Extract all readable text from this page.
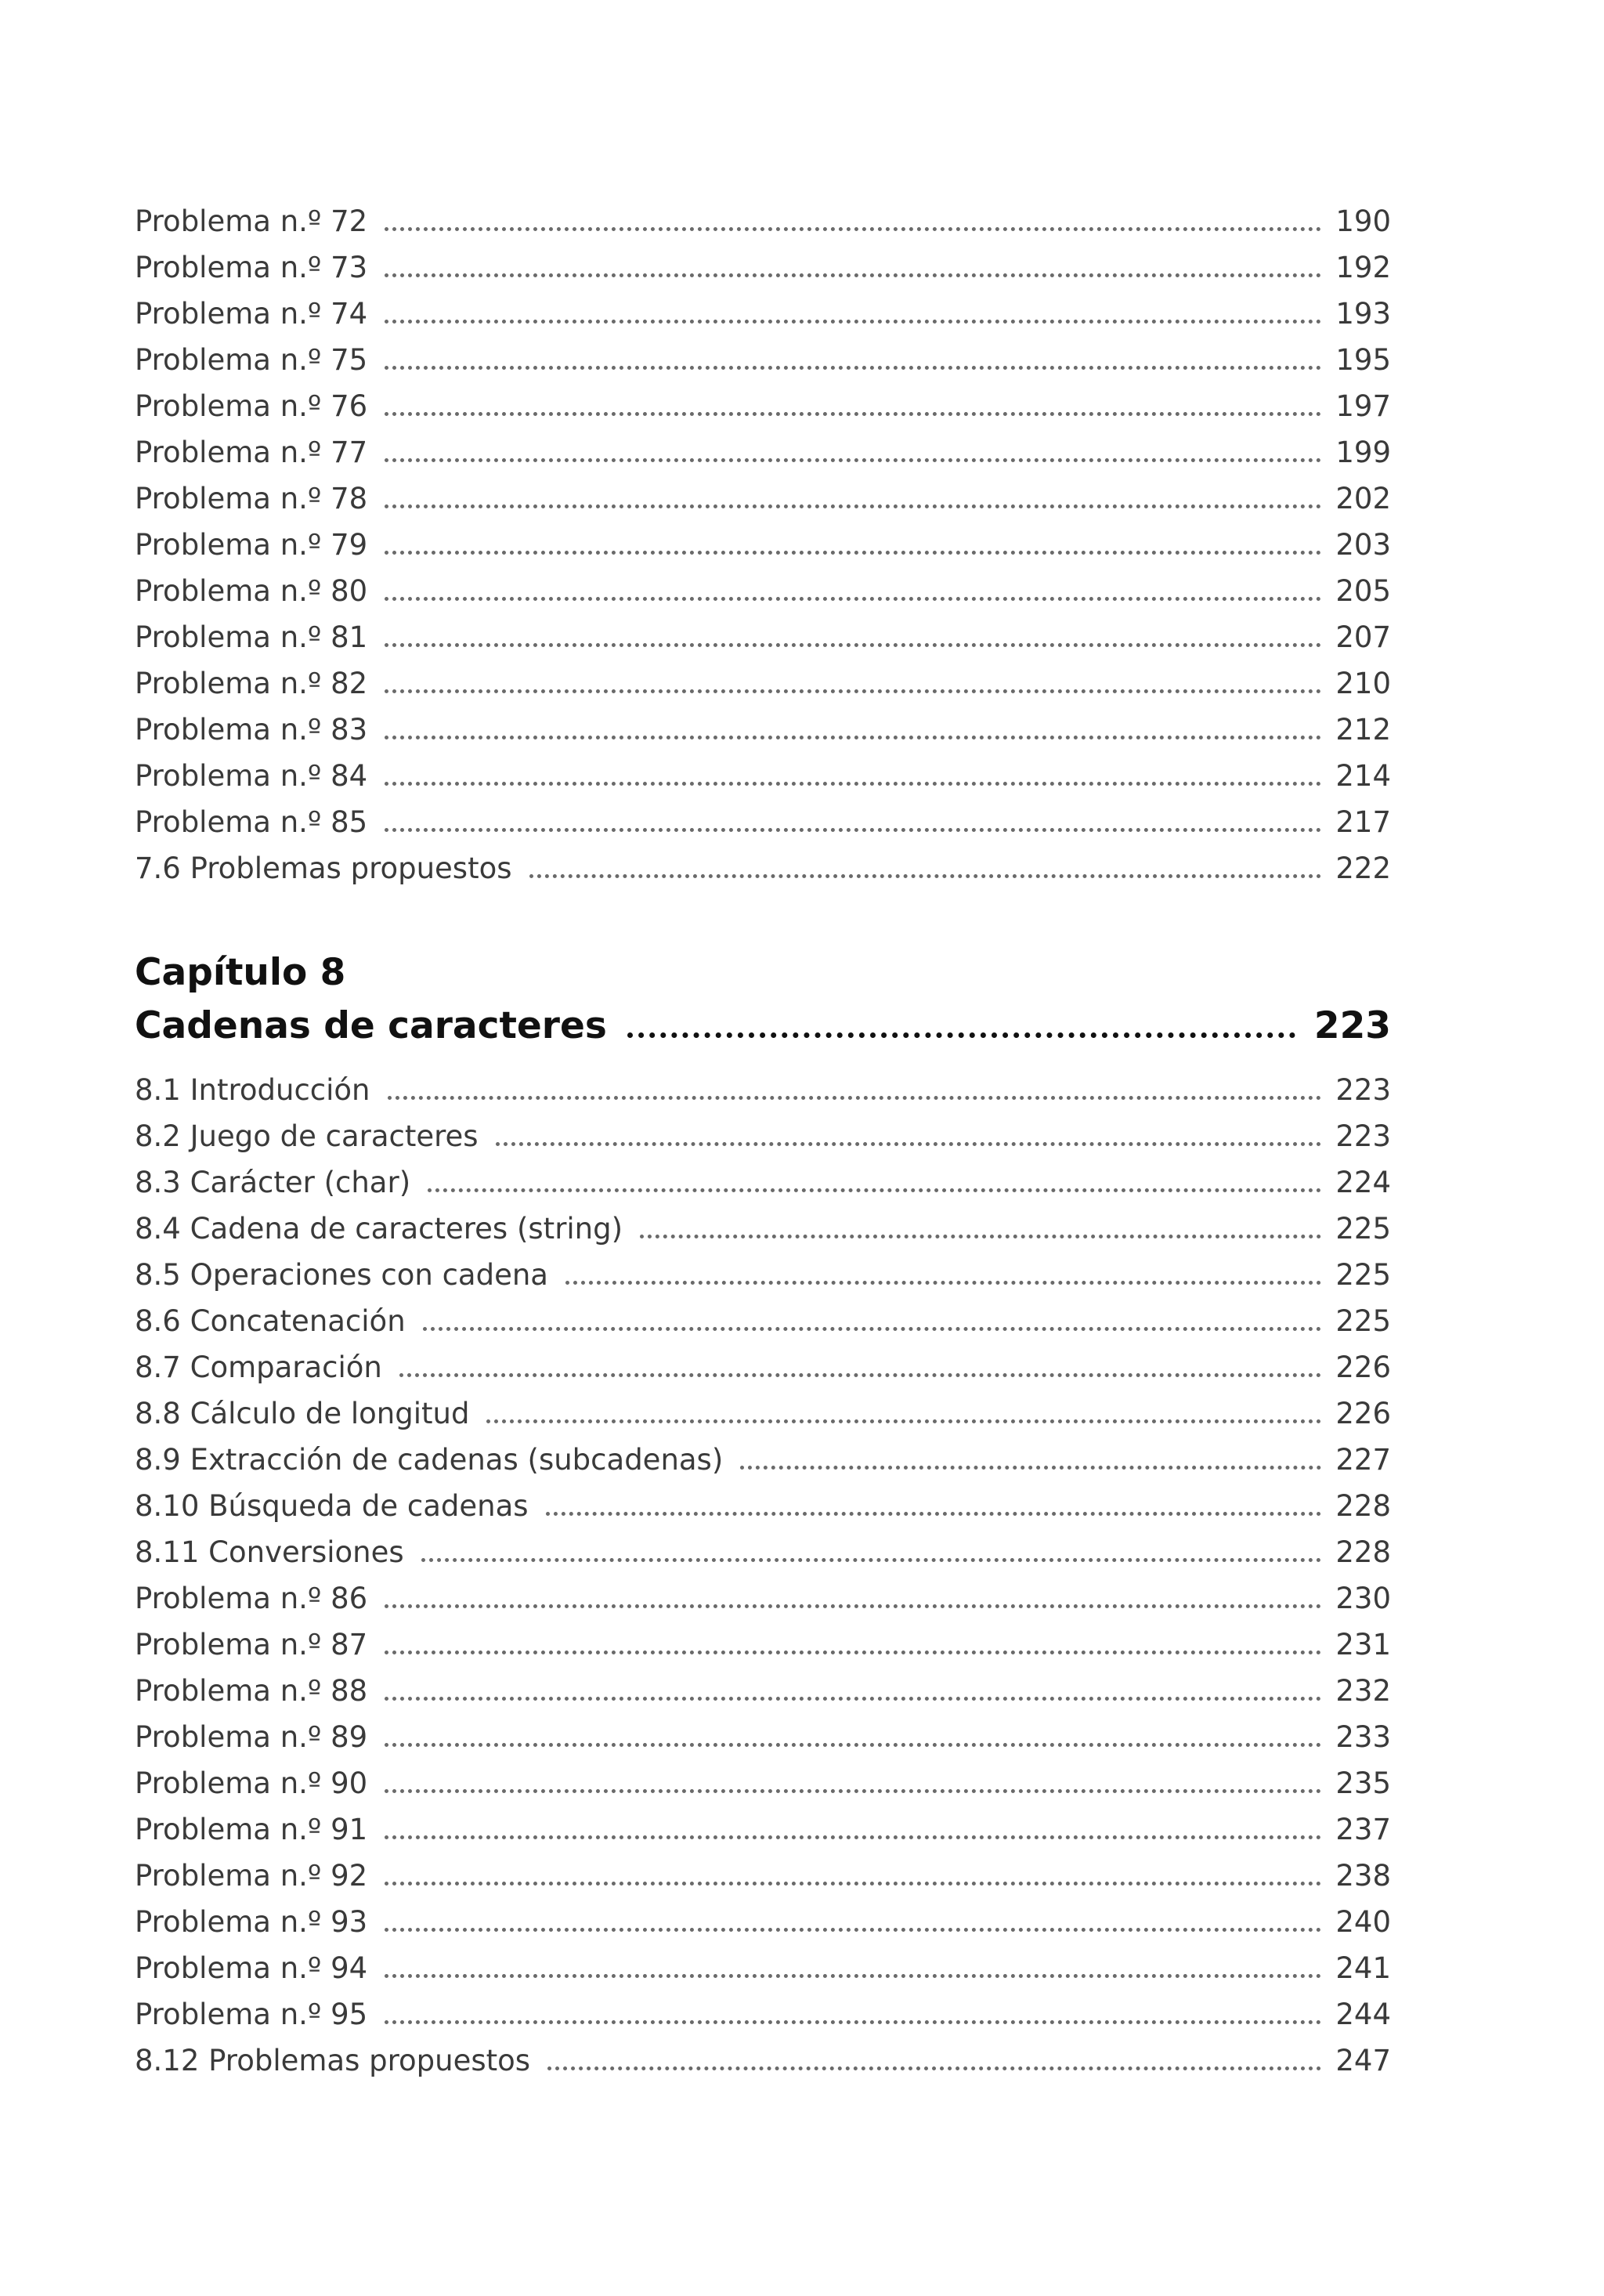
Problema n.º 72	190
Problema n.º 73	192
Problema n.º 74	193
Problema n.º 75	195
Problema n.º 76	197
Problema n.º 77	199
Problema n.º 78	202
Problema n.º 79	203
Problema n.º 80	205
Problema n.º 81	207
Problema n.º 82	210
Problema n.º 83	212
Problema n.º 84	214
Problema n.º 85	217
7.6 Problemas propuestos	222
Capítulo 8
Cadenas de caracteres	223
8.1 Introducción	223
8.2 Juego de caracteres	223
8.3 Carácter (char)	224
8.4 Cadena de caracteres (string)	225
8.5 Operaciones con cadena	225
8.6 Concatenación	225
8.7 Comparación	226
8.8 Cálculo de longitud	226
8.9 Extracción de cadenas (subcadenas)	227
8.10 Búsqueda de cadenas	228
8.11 Conversiones	228
Problema n.º 86	230
Problema n.º 87	231
Problema n.º 88	232
Problema n.º 89	233
Problema n.º 90	235
Problema n.º 91	237
Problema n.º 92	238
Problema n.º 93	240
Problema n.º 94	241
Problema n.º 95	244
8.12 Problemas propuestos	247
